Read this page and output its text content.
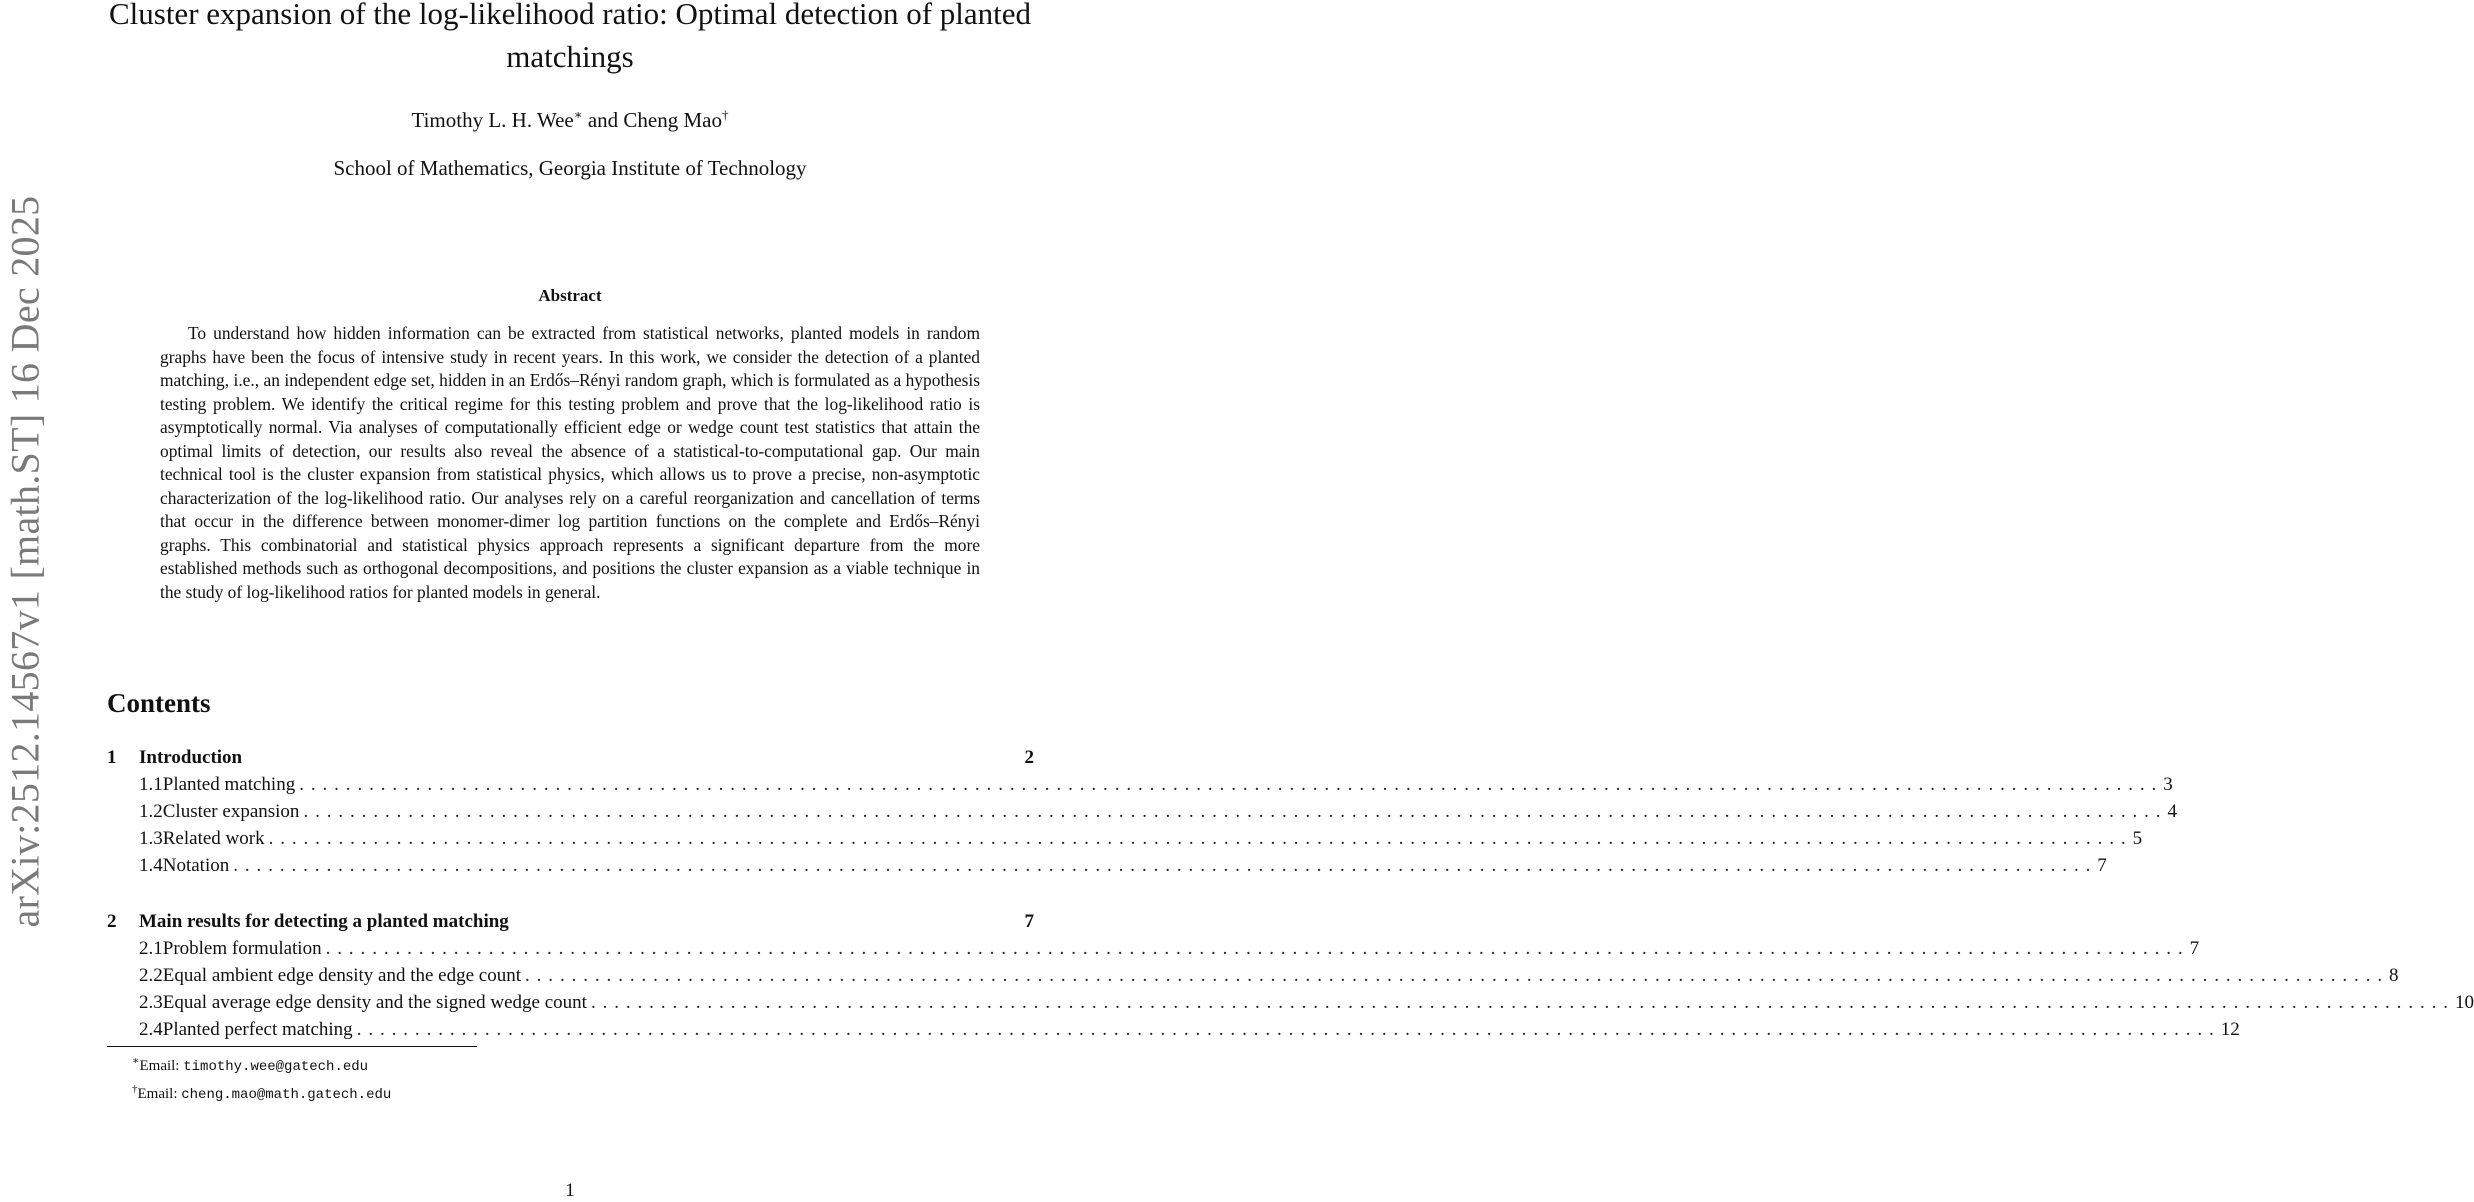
arXiv:2512.14567v1 [math.ST] 16 Dec 2025
Cluster expansion of the log-likelihood ratio: Optimal detection of planted matchings
Timothy L. H. Wee∗ and Cheng Mao†
School of Mathematics, Georgia Institute of Technology
Abstract
To understand how hidden information can be extracted from statistical networks, planted models in random graphs have been the focus of intensive study in recent years. In this work, we consider the detection of a planted matching, i.e., an independent edge set, hidden in an Erdős–Rényi random graph, which is formulated as a hypothesis testing problem. We identify the critical regime for this testing problem and prove that the log-likelihood ratio is asymptotically normal. Via analyses of computationally efficient edge or wedge count test statistics that attain the optimal limits of detection, our results also reveal the absence of a statistical-to-computational gap. Our main technical tool is the cluster expansion from statistical physics, which allows us to prove a precise, non-asymptotic characterization of the log-likelihood ratio. Our analyses rely on a careful reorganization and cancellation of terms that occur in the difference between monomer-dimer log partition functions on the complete and Erdős–Rényi graphs. This combinatorial and statistical physics approach represents a significant departure from the more established methods such as orthogonal decompositions, and positions the cluster expansion as a viable technique in the study of log-likelihood ratios for planted models in general.
Contents
1	Introduction	2
1.1 Planted matching ................................................................................................................................................................ 3
1.2 Cluster expansion ................................................................................................................................................................ 4
1.3 Related work ................................................................................................................................................................ 5
1.4 Notation ................................................................................................................................................................ 7
2	Main results for detecting a planted matching	7
2.1 Problem formulation ................................................................................................................................................................ 7
2.2 Equal ambient edge density and the edge count ................................................................................................................................................................ 8
2.3 Equal average edge density and the signed wedge count ................................................................................................................................................................ 10
2.4 Planted perfect matching ................................................................................................................................................................ 12
∗Email: timothy.wee@gatech.edu
†Email: cheng.mao@math.gatech.edu
1
